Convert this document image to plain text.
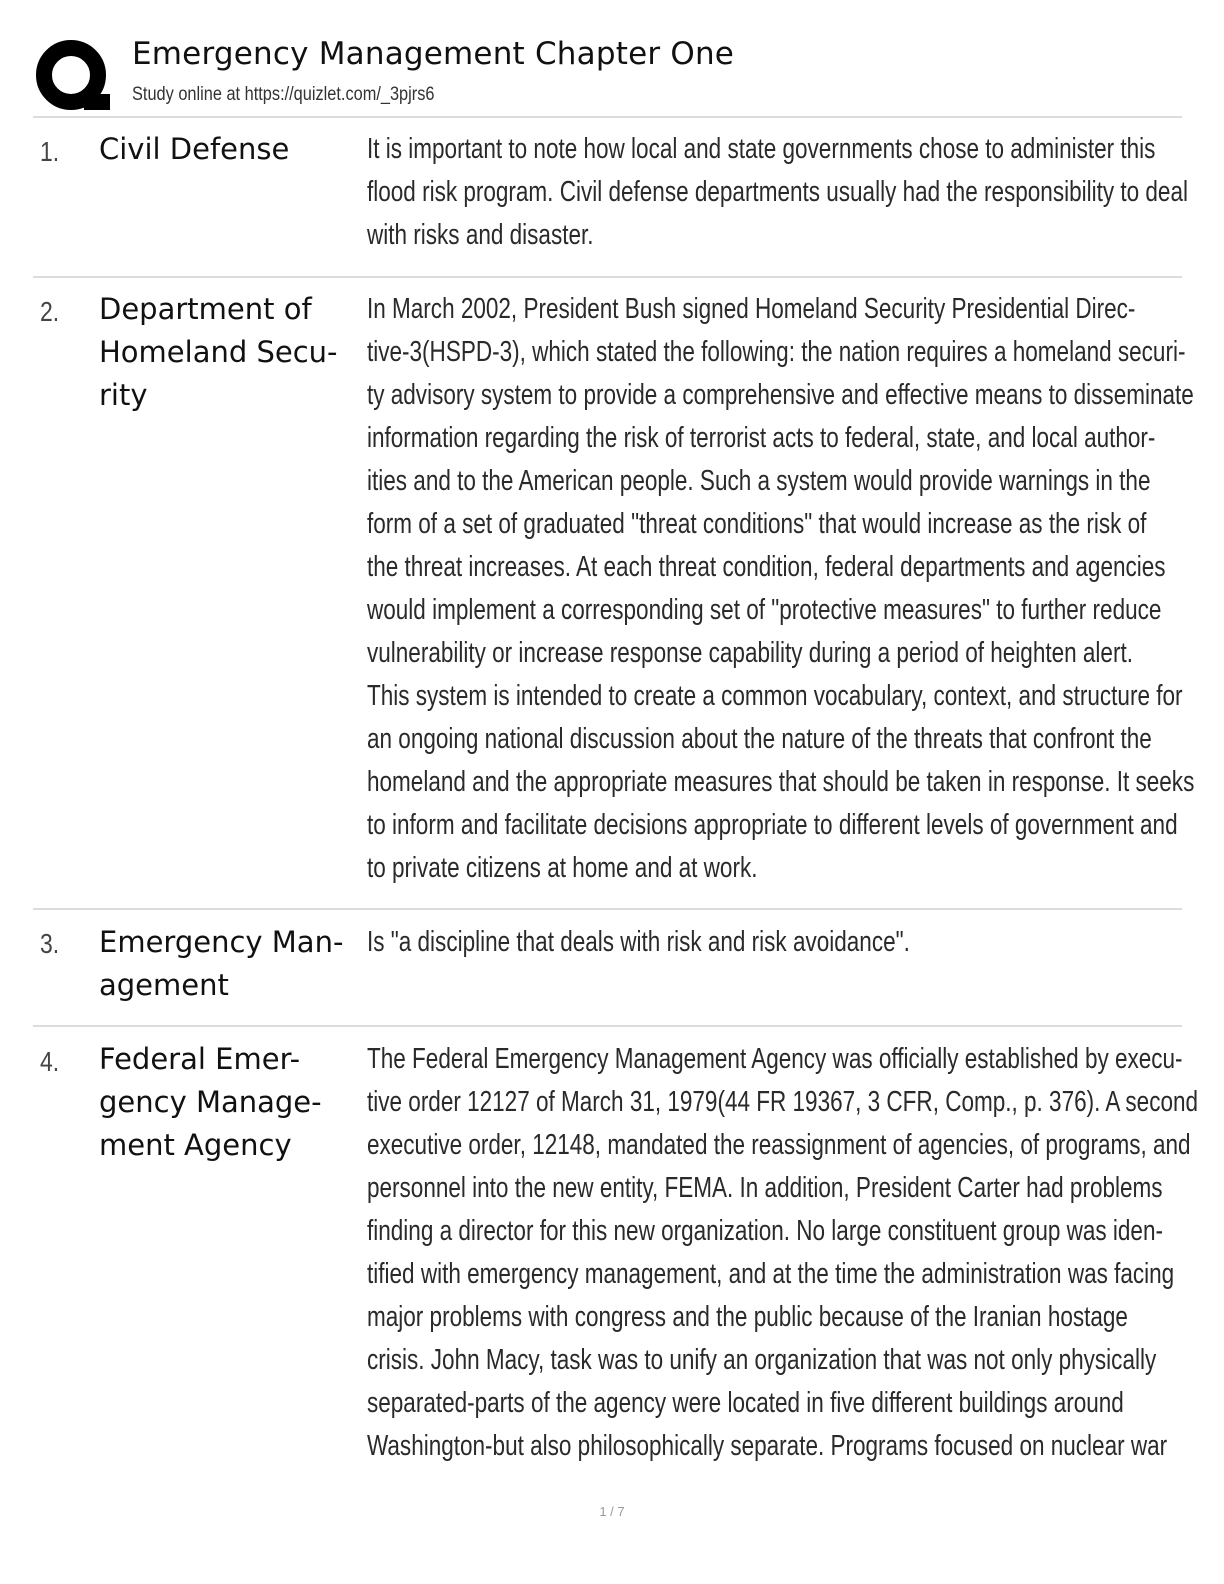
Emergency Management Chapter One
Study online at https://quizlet.com/_3pjrs6
1. Civil Defense	It is important to note how local and state governments chose to administer this
flood risk program. Civil defense departments usually had the responsibility to deal
with risks and disaster.
2. Department of
Homeland Secu-
rity
In March 2002, President Bush signed Homeland Security Presidential Direc-
tive-3(HSPD-3), which stated the following: the nation requires a homeland securi-
ty advisory system to provide a comprehensive and effective means to disseminate
information regarding the risk of terrorist acts to federal, state, and local author-
ities and to the American people. Such a system would provide warnings in the
form of a set of graduated "threat conditions" that would increase as the risk of
the threat increases. At each threat condition, federal departments and agencies
would implement a corresponding set of "protective measures" to further reduce
vulnerability or increase response capability during a period of heighten alert.
This system is intended to create a common vocabulary, context, and structure for
an ongoing national discussion about the nature of the threats that confront the
homeland and the appropriate measures that should be taken in response. It seeks
to inform and facilitate decisions appropriate to different levels of government and
to private citizens at home and at work.
3. Emergency Man-
agement
Is "a discipline that deals with risk and risk avoidance".
4. Federal Emer-
gency Manage-
ment Agency
The Federal Emergency Management Agency was officially established by execu-
tive order 12127 of March 31, 1979(44 FR 19367, 3 CFR, Comp., p. 376). A second
executive order, 12148, mandated the reassignment of agencies, of programs, and
personnel into the new entity, FEMA. In addition, President Carter had problems
finding a director for this new organization. No large constituent group was iden-
tified with emergency management, and at the time the administration was facing
major problems with congress and the public because of the Iranian hostage
crisis. John Macy, task was to unify an organization that was not only physically
separated-parts of the agency were located in five different buildings around
Washington-but also philosophically separate. Programs focused on nuclear war
1 / 7
